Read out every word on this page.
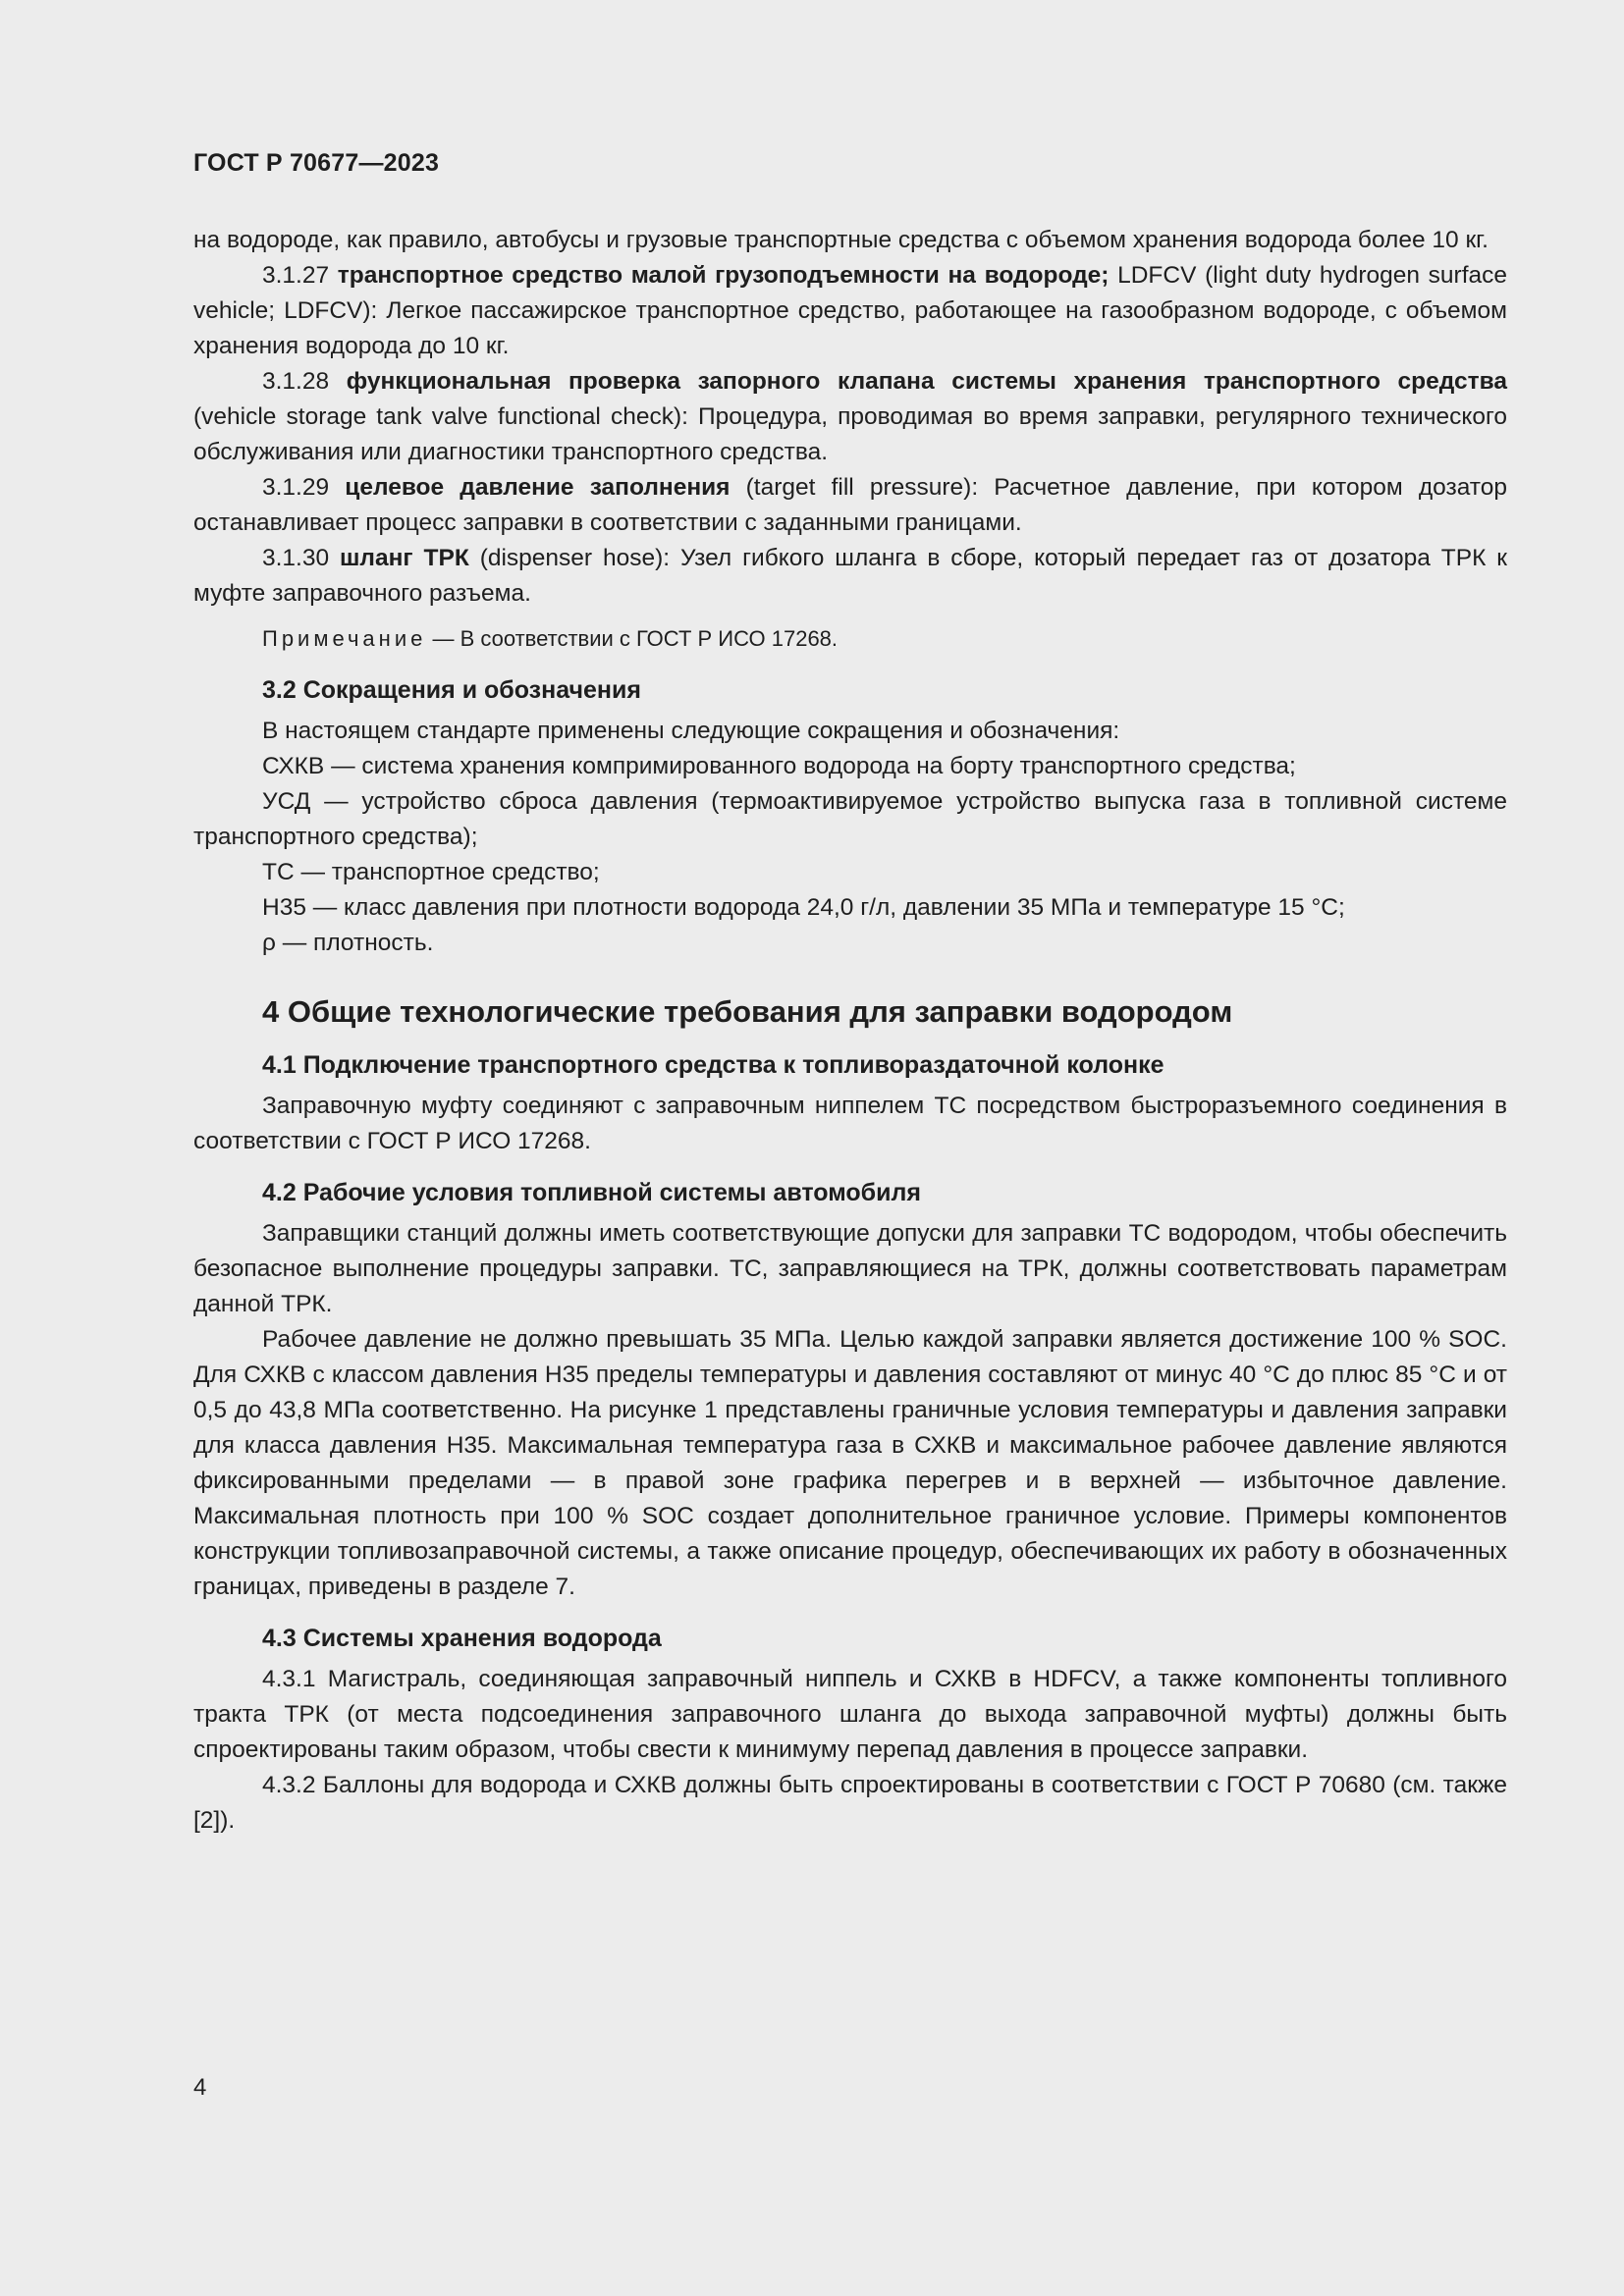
ГОСТ Р 70677—2023

на водороде, как правило, автобусы и грузовые транспортные средства с объемом хранения водорода более 10 кг.

3.1.27 транспортное средство малой грузоподъемности на водороде; LDFCV (light duty hydrogen surface vehicle; LDFCV): Легкое пассажирское транспортное средство, работающее на газообразном водороде, с объемом хранения водорода до 10 кг.

3.1.28 функциональная проверка запорного клапана системы хранения транспортного средства (vehicle storage tank valve functional check): Процедура, проводимая во время заправки, регулярного технического обслуживания или диагностики транспортного средства.

3.1.29 целевое давление заполнения (target fill pressure): Расчетное давление, при котором дозатор останавливает процесс заправки в соответствии с заданными границами.

3.1.30 шланг ТРК (dispenser hose): Узел гибкого шланга в сборе, который передает газ от дозатора ТРК к муфте заправочного разъема.

Примечание — В соответствии с ГОСТ Р ИСО 17268.

3.2 Сокращения и обозначения

В настоящем стандарте применены следующие сокращения и обозначения:

СХКВ — система хранения компримированного водорода на борту транспортного средства;

УСД — устройство сброса давления (термоактивируемое устройство выпуска газа в топливной системе транспортного средства);

ТС — транспортное средство;

H35 — класс давления при плотности водорода 24,0 г/л, давлении 35 МПа и температуре 15 °С;

ρ — плотность.

4 Общие технологические требования для заправки водородом
4.1 Подключение транспортного средства к топливораздаточной колонке

Заправочную муфту соединяют с заправочным ниппелем ТС посредством быстроразъемного соединения в соответствии с ГОСТ Р ИСО 17268.

4.2 Рабочие условия топливной системы автомобиля

Заправщики станций должны иметь соответствующие допуски для заправки ТС водородом, чтобы обеспечить безопасное выполнение процедуры заправки. ТС, заправляющиеся на ТРК, должны соответствовать параметрам данной ТРК.

Рабочее давление не должно превышать 35 МПа. Целью каждой заправки является достижение 100 % SOC. Для СХКВ с классом давления H35 пределы температуры и давления составляют от минус 40 °С до плюс 85 °С и от 0,5 до 43,8 МПа соответственно. На рисунке 1 представлены граничные условия температуры и давления заправки для класса давления H35. Максимальная температура газа в СХКВ и максимальное рабочее давление являются фиксированными пределами — в правой зоне графика перегрев и в верхней — избыточное давление. Максимальная плотность при 100 % SOC создает дополнительное граничное условие. Примеры компонентов конструкции топливозаправочной системы, а также описание процедур, обеспечивающих их работу в обозначенных границах, приведены в разделе 7.

4.3 Системы хранения водорода

4.3.1 Магистраль, соединяющая заправочный ниппель и СХКВ в HDFCV, а также компоненты топливного тракта ТРК (от места подсоединения заправочного шланга до выхода заправочной муфты) должны быть спроектированы таким образом, чтобы свести к минимуму перепад давления в процессе заправки.

4.3.2 Баллоны для водорода и СХКВ должны быть спроектированы в соответствии с ГОСТ Р 70680 (см. также [2]).

4
